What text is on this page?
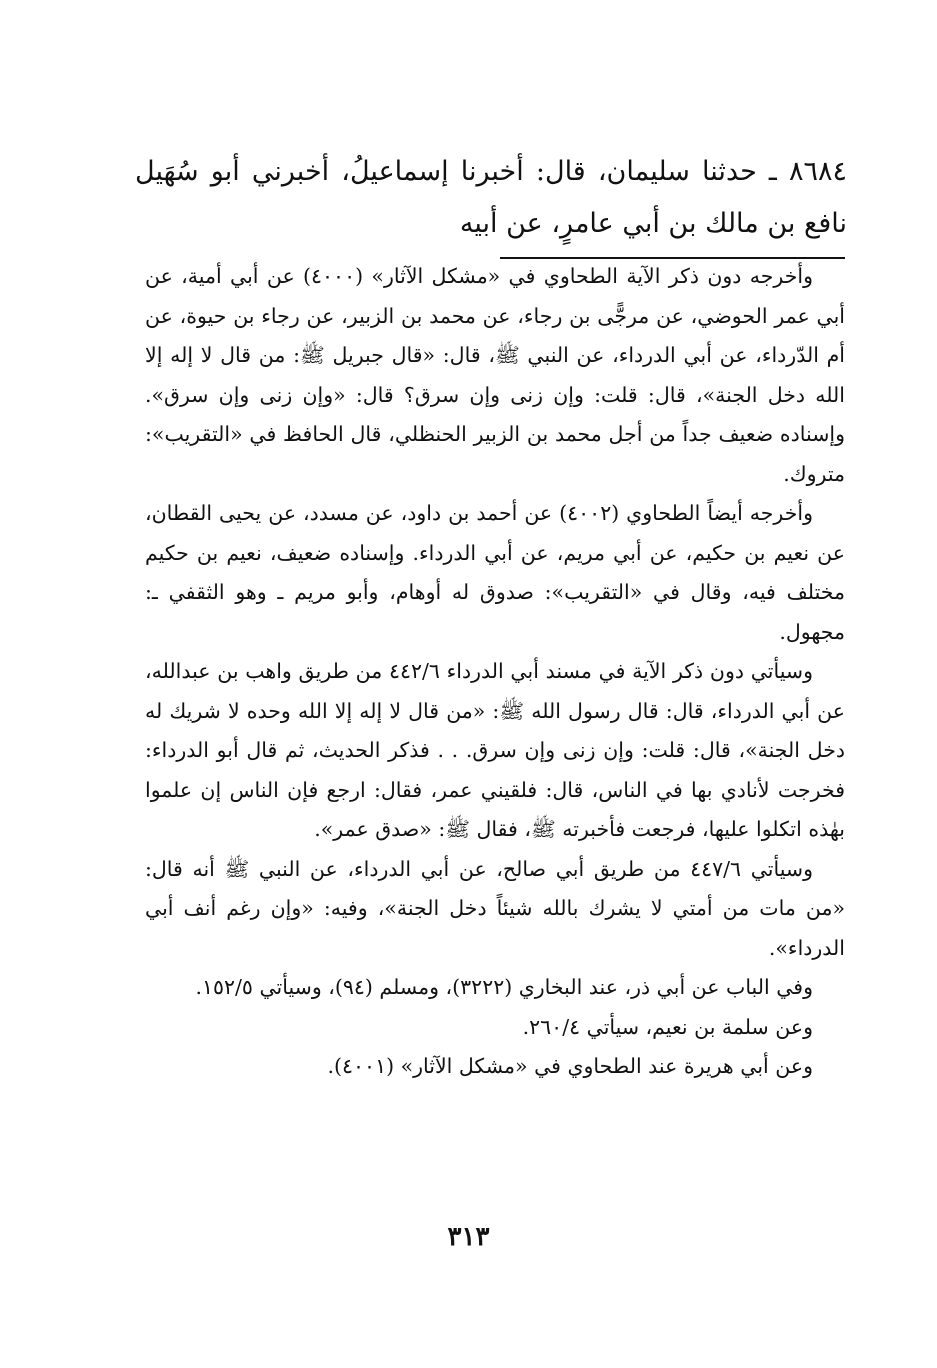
٨٦٨٤ ـ حدثنا سليمان، قال: أخبرنا إسماعيلُ، أخبرني أبو سُهَيل نافع بن مالك بن أبي عامرٍ، عن أبيه

وأخرجه دون ذكر الآية الطحاوي في «مشكل الآثار» (٤٠٠٠) عن أبي أمية، عن أبي عمر الحوضي، عن مرجًّى بن رجاء، عن محمد بن الزبير، عن رجاء بن حيوة، عن أم الدّرداء، عن أبي الدرداء، عن النبي ﷺ، قال: «قال جبريل ﷺ: من قال لا إله إلا الله دخل الجنة»، قال: قلت: وإن زنى وإن سرق؟ قال: «وإن زنى وإن سرق». وإسناده ضعيف جداً من أجل محمد بن الزبير الحنظلي، قال الحافظ في «التقريب»: متروك.

وأخرجه أيضاً الطحاوي (٤٠٠٢) عن أحمد بن داود، عن مسدد، عن يحيى القطان، عن نعيم بن حكيم، عن أبي مريم، عن أبي الدرداء. وإسناده ضعيف، نعيم بن حكيم مختلف فيه، وقال في «التقريب»: صدوق له أوهام، وأبو مريم ـ وهو الثقفي ـ: مجهول.

وسيأتي دون ذكر الآية في مسند أبي الدرداء ٤٤٢/٦ من طريق واهب بن عبدالله، عن أبي الدرداء، قال: قال رسول الله ﷺ: «من قال لا إله إلا الله وحده لا شريك له دخل الجنة»، قال: قلت: وإن زنى وإن سرق. . . فذكر الحديث، ثم قال أبو الدرداء: فخرجت لأنادي بها في الناس، قال: فلقيني عمر، فقال: ارجع فإن الناس إن علموا بهٰذه اتكلوا عليها، فرجعت فأخبرته ﷺ، فقال ﷺ: «صدق عمر».

وسيأتي ٤٤٧/٦ من طريق أبي صالح، عن أبي الدرداء، عن النبي ﷺ أنه قال: «من مات من أمتي لا يشرك بالله شيئاً دخل الجنة»، وفيه: «وإن رغم أنف أبي الدرداء».

وفي الباب عن أبي ذر، عند البخاري (٣٢٢٢)، ومسلم (٩٤)، وسيأتي ١٥٢/٥.

وعن سلمة بن نعيم، سيأتي ٢٦٠/٤.

وعن أبي هريرة عند الطحاوي في «مشكل الآثار» (٤٠٠١).

٣١٣
